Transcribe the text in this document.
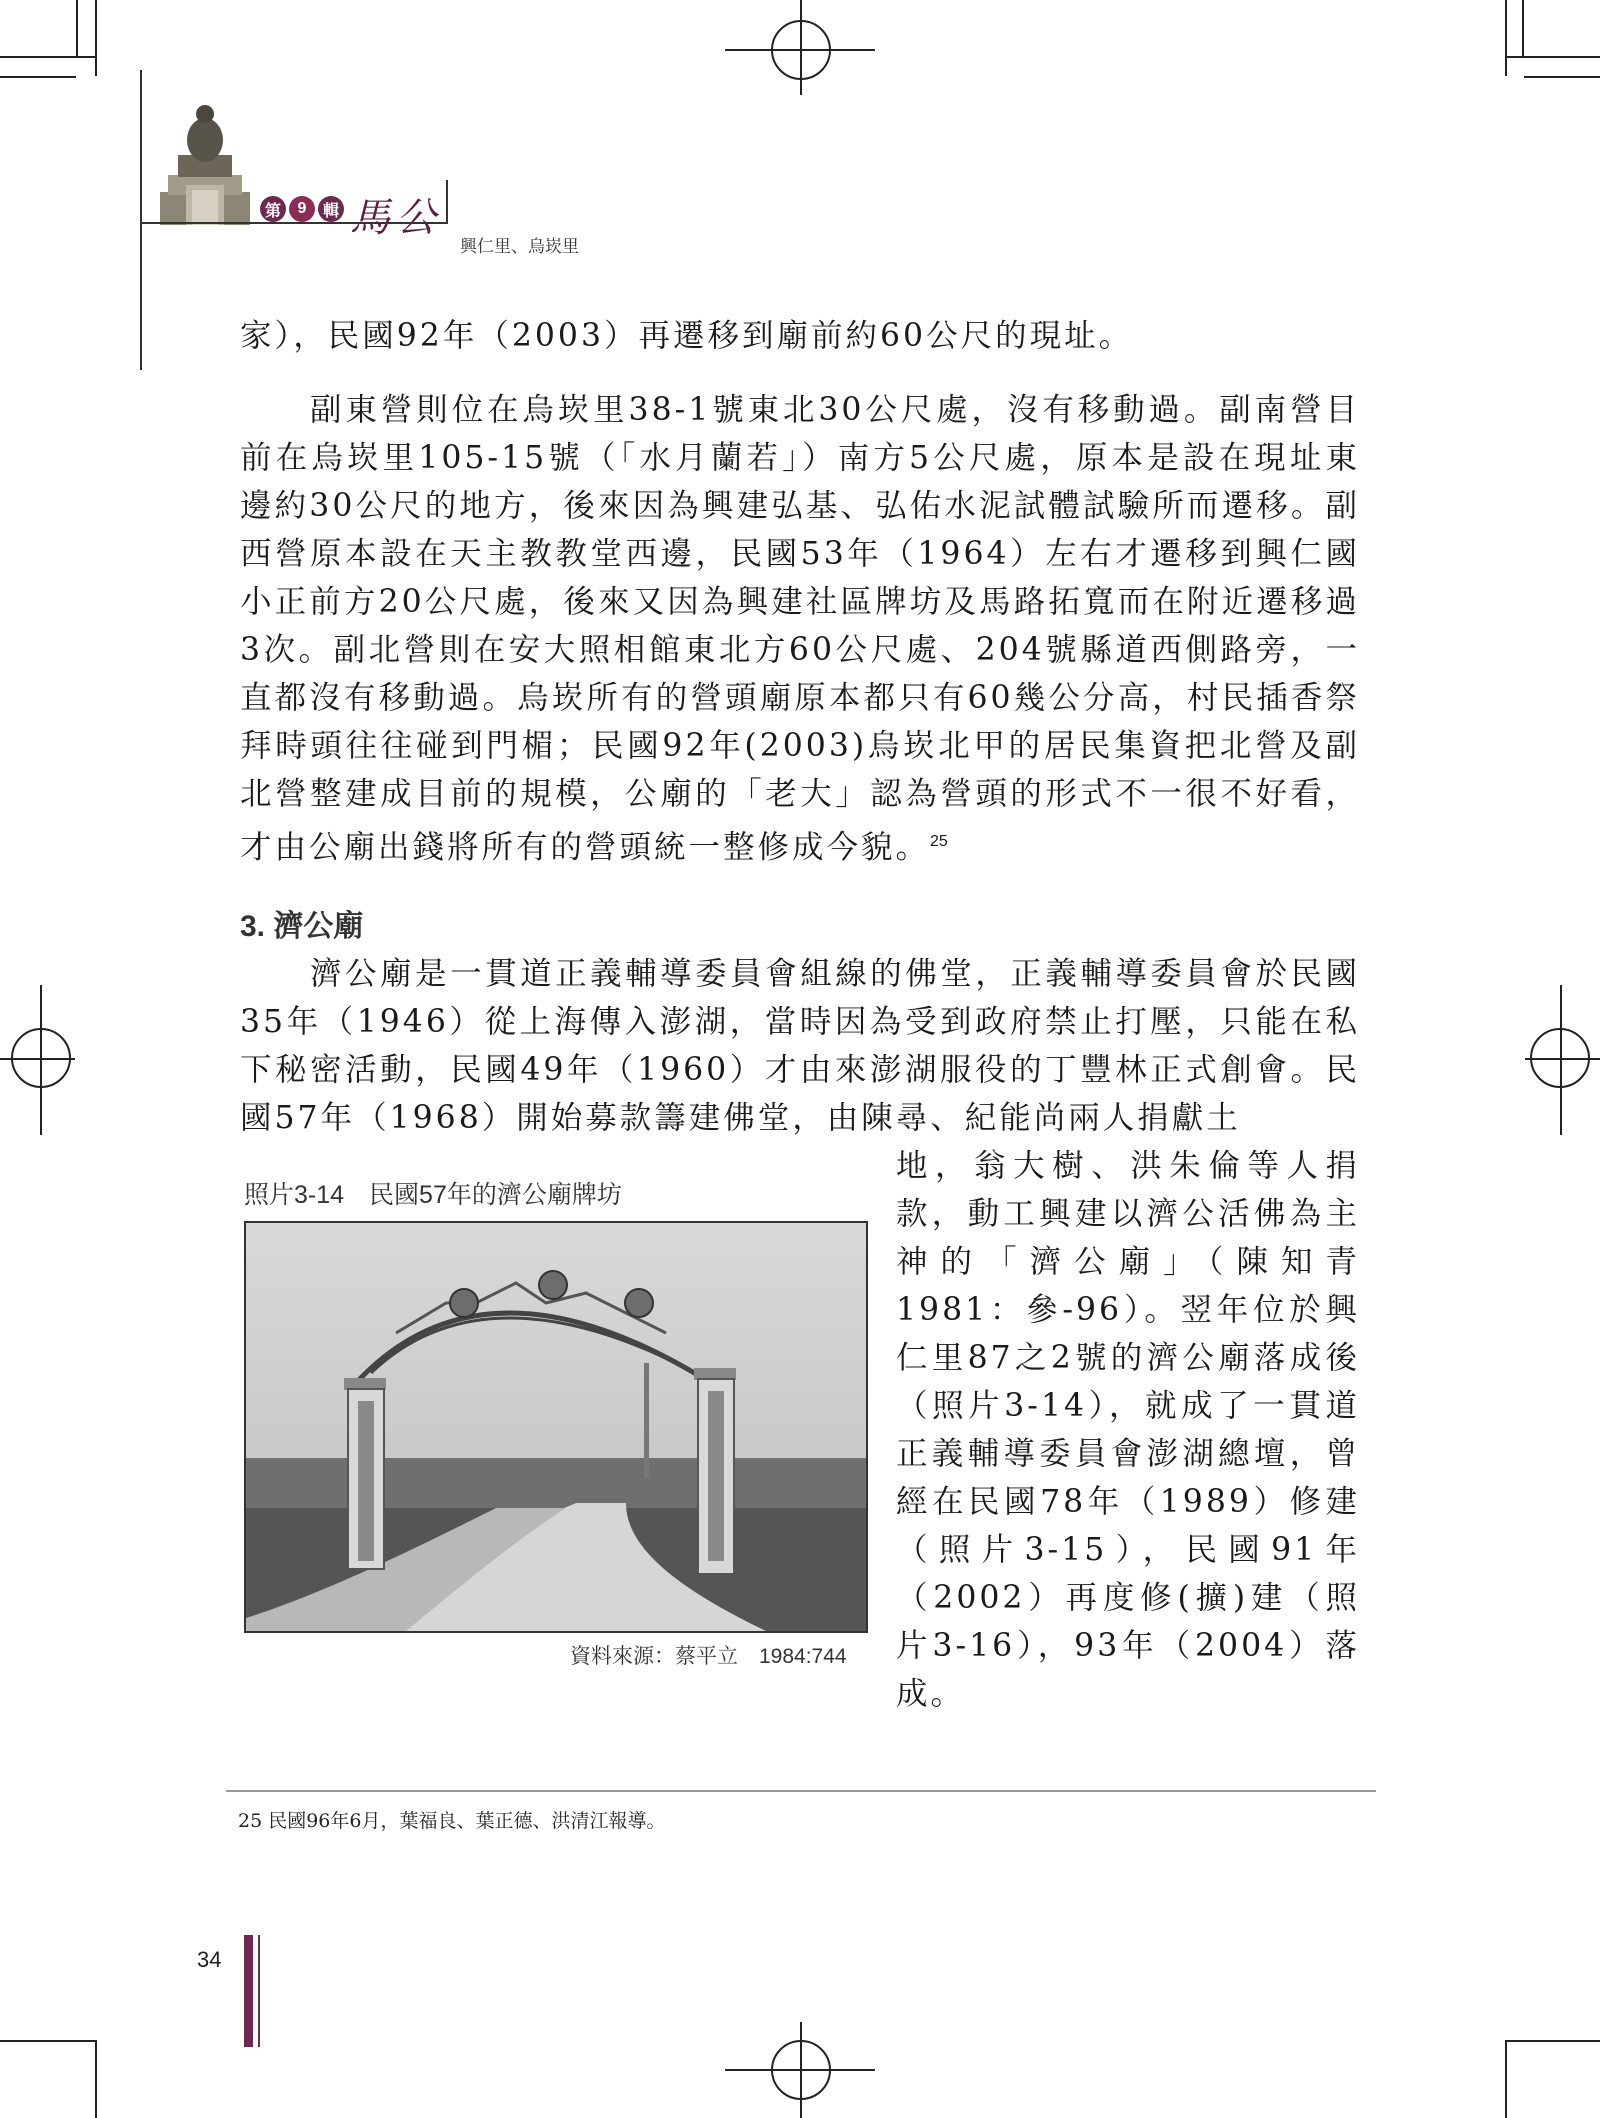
第	9	輯 馬公
興仁里、烏崁里

家），民國92年（2003）再遷移到廟前約60公尺的現址。

副東營則位在烏崁里38-1號東北30公尺處，沒有移動過。副南營目前在烏崁里105-15號（「水月蘭若」）南方5公尺處，原本是設在現址東邊約30公尺的地方，後來因為興建弘基、弘佑水泥試體試驗所而遷移。副西營原本設在天主教教堂西邊，民國53年（1964）左右才遷移到興仁國小正前方20公尺處，後來又因為興建社區牌坊及馬路拓寬而在附近遷移過3次。副北營則在安大照相館東北方60公尺處、204號縣道西側路旁，一直都沒有移動過。烏崁所有的營頭廟原本都只有60幾公分高，村民插香祭拜時頭往往碰到門楣；民國92年(2003)烏崁北甲的居民集資把北營及副北營整建成目前的規模，公廟的「老大」認為營頭的形式不一很不好看，才由公廟出錢將所有的營頭統一整修成今貌。$^{25}$

3. 濟公廟

濟公廟是一貫道正義輔導委員會組線的佛堂，正義輔導委員會於民國35年（1946）從上海傳入澎湖，當時因為受到政府禁止打壓，只能在私下秘密活動，民國49年（1960）才由來澎湖服役的丁豐林正式創會。民國57年（1968）開始募款籌建佛堂，由陳尋、紀能尚兩人捐獻土

照片3-14　民國57年的濟公廟牌坊
資料來源：蔡平立　1984:744

地，翁大樹、洪朱倫等人捐款，動工興建以濟公活佛為主神的「濟公廟」（陳知青1981：參-96）。翌年位於興仁里87之2號的濟公廟落成後（照片3-14），就成了一貫道正義輔導委員會澎湖總壇，曾經在民國78年（1989）修建（照片3-15），民國91年（2002）再度修(擴)建（照片3-16），93年（2004）落成。

25 民國96年6月，葉福良、葉正德、洪清江報導。
34
